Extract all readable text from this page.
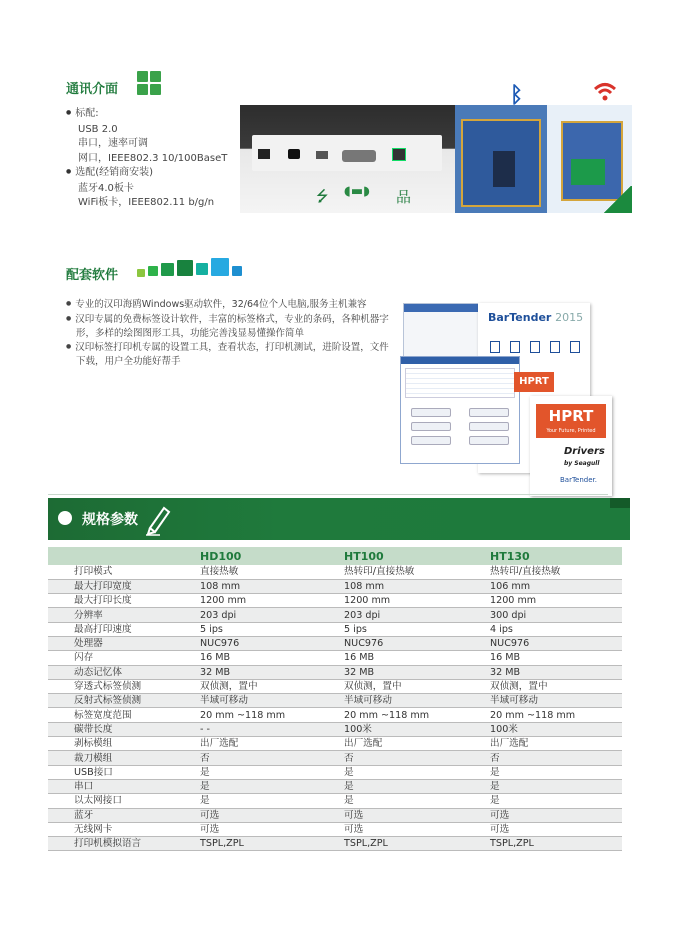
通讯介面
● 标配:
USB 2.0
串口，速率可调
网口，IEEE802.3 10/100BaseT
● 选配(经销商安装)
蓝牙4.0板卡
WiFi板卡，IEEE802.11 b/g/n	⭍ ◖▬◗ 品
ᛒ
配套软件

● 专业的汉印海鸥Windows驱动软件，32/64位个人电脑,服务主机兼容

● 汉印专属的免费标签设计软件，丰富的标签格式，专业的条码，各种机器字形，多样的绘图图形工具，功能完善浅显易懂操作简单

● 汉印标签打印机专属的设置工具，查看状态，打印机测试，进阶设置，文件下载，用户全功能好帮手

BarTender 2015
HPRT
HPRT
Your Future, Printed
Drivers
by Seagull
BarTender.
规格参数
	HD100	HT100	HT130
打印模式	直接热敏	热转印/直接热敏	热转印/直接热敏
最大打印宽度	108 mm	108 mm	106 mm
最大打印长度	1200 mm	1200 mm	1200 mm
分辨率	203 dpi	203 dpi	300 dpi
最高打印速度	5 ips	5 ips	4 ips
处理器	NUC976	NUC976	NUC976
闪存	16 MB	16 MB	16 MB
动态记忆体	32 MB	32 MB	32 MB
穿透式标签侦测	双侦测，置中	双侦测，置中	双侦测，置中
反射式标签侦测	半域可移动	半域可移动	半域可移动
标签宽度范围	20 mm ~118 mm	20 mm ~118 mm	20 mm ~118 mm
碳带长度	- -	100米	100米
剥标模组	出厂选配	出厂选配	出厂选配
裁刀模组	否	否	否
USB接口	是	是	是
串口	是	是	是
以太网接口	是	是	是
蓝牙	可选	可选	可选
无线网卡	可选	可选	可选
打印机模拟语言	TSPL,ZPL	TSPL,ZPL	TSPL,ZPL
